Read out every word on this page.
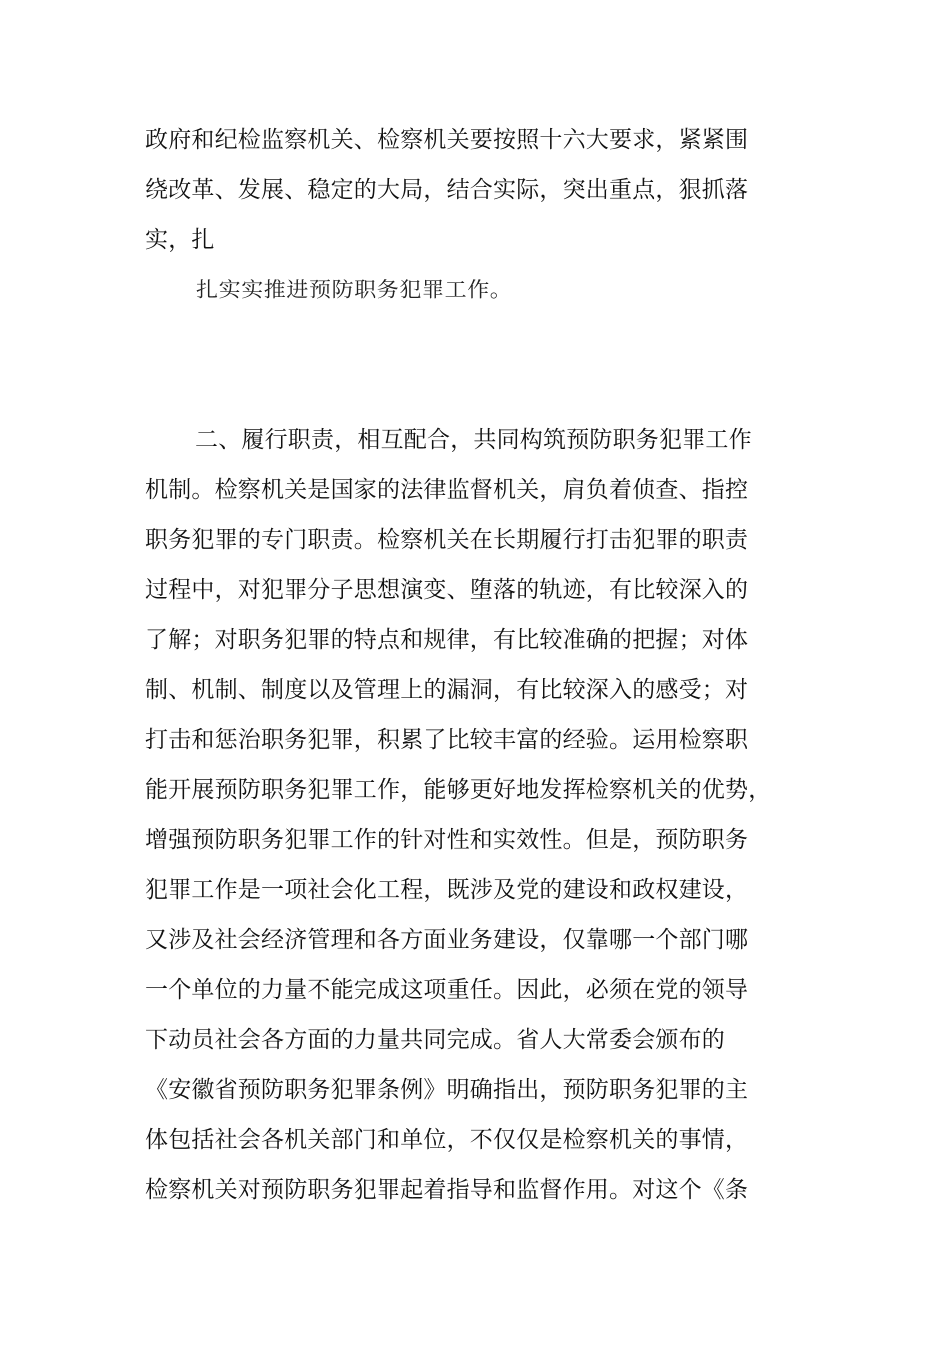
政府和纪检监察机关、检察机关要按照十六大要求，紧紧围
绕改革、发展、稳定的大局，结合实际，突出重点，狠抓落
实，扎
扎实实推进预防职务犯罪工作。
二、履行职责，相互配合，共同构筑预防职务犯罪工作
机制。检察机关是国家的法律监督机关，肩负着侦查、指控
职务犯罪的专门职责。检察机关在长期履行打击犯罪的职责
过程中，对犯罪分子思想演变、堕落的轨迹，有比较深入的
了解；对职务犯罪的特点和规律，有比较准确的把握；对体
制、机制、制度以及管理上的漏洞，有比较深入的感受；对
打击和惩治职务犯罪，积累了比较丰富的经验。运用检察职
能开展预防职务犯罪工作，能够更好地发挥检察机关的优势，
增强预防职务犯罪工作的针对性和实效性。但是，预防职务
犯罪工作是一项社会化工程，既涉及党的建设和政权建设，
又涉及社会经济管理和各方面业务建设，仅靠哪一个部门哪
一个单位的力量不能完成这项重任。因此，必须在党的领导
下动员社会各方面的力量共同完成。省人大常委会颁布的
《安徽省预防职务犯罪条例》明确指出，预防职务犯罪的主
体包括社会各机关部门和单位，不仅仅是检察机关的事情，
检察机关对预防职务犯罪起着指导和监督作用。对这个《条
